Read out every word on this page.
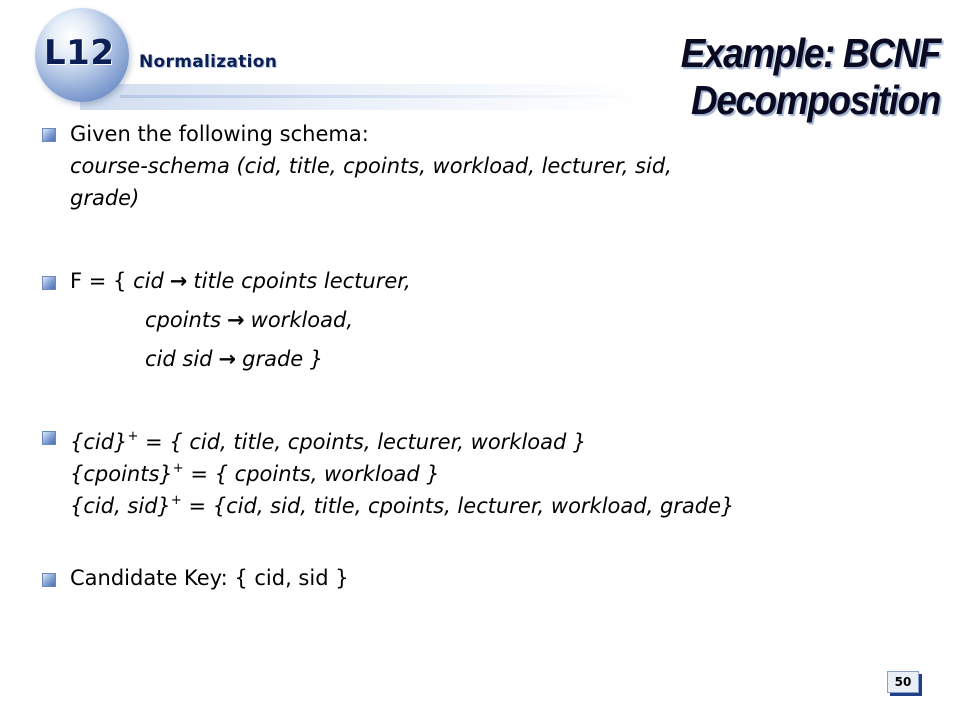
L12	Normalization	Example: BCNF Decomposition
Given the following schema:
course-schema (cid, title, cpoints, workload, lecturer, sid,
grade)
F = { cid → title cpoints lecturer,
cpoints → workload,
cid sid → grade }
{cid}+ = { cid, title, cpoints, lecturer, workload }
{cpoints}+ = { cpoints, workload }
{cid, sid}+ = {cid, sid, title, cpoints, lecturer, workload, grade}
Candidate Key: { cid, sid }
50
